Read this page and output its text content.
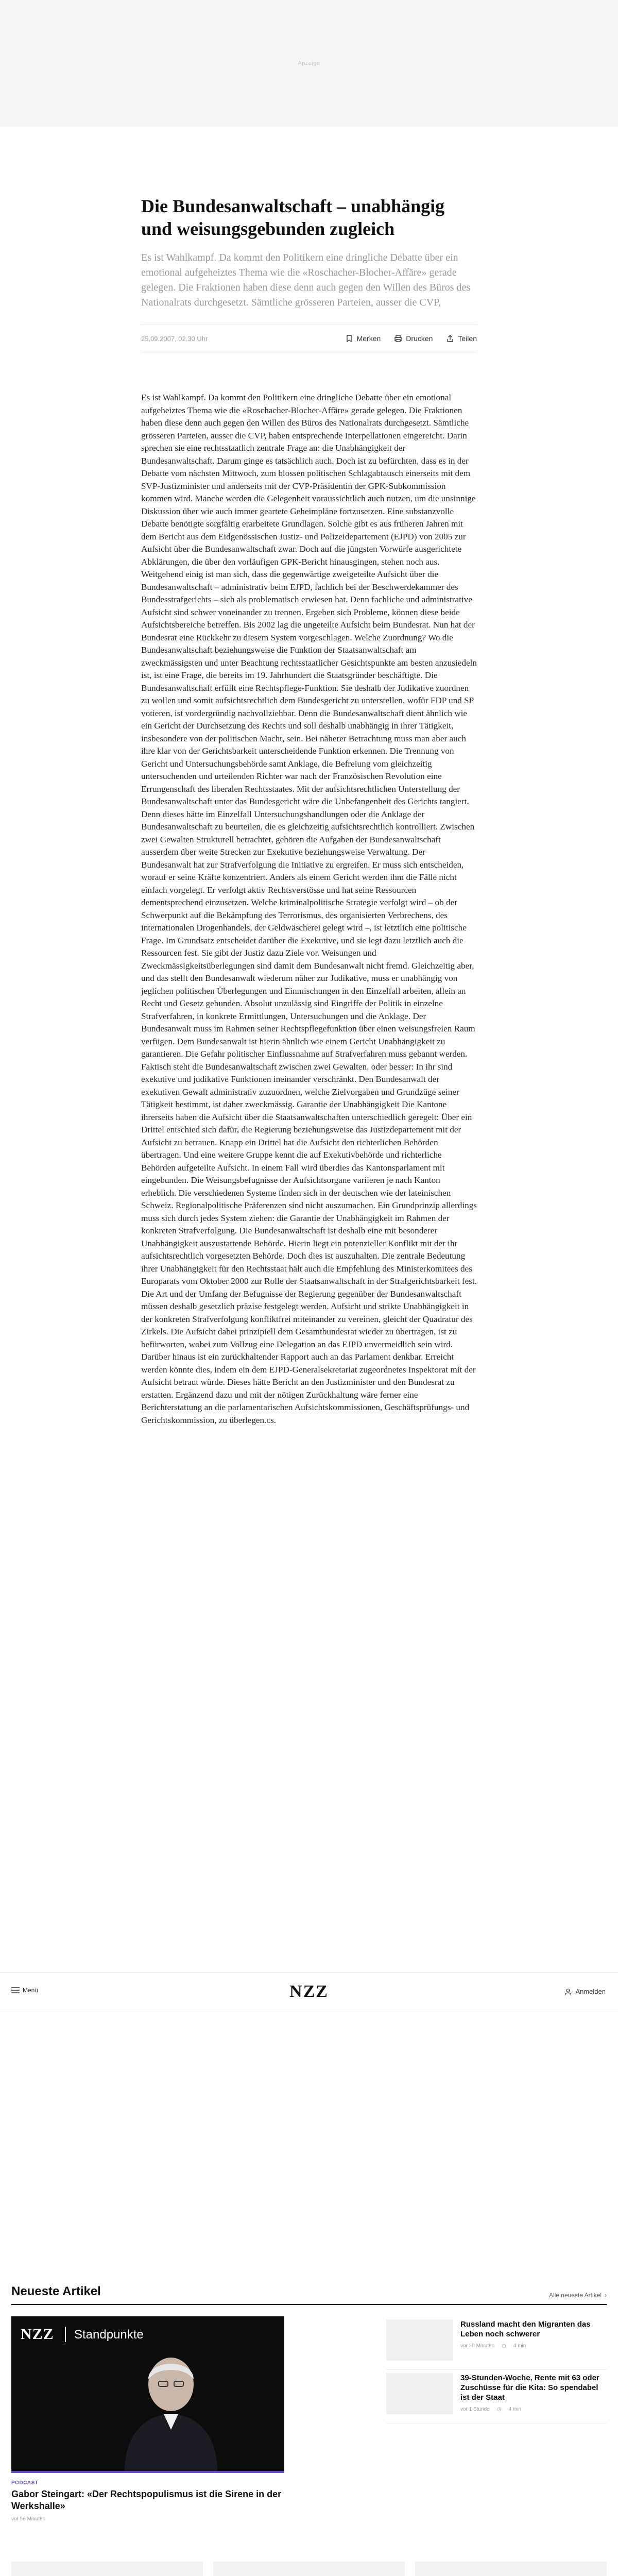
Anzeige
Die Bundesanwaltschaft – unabhängig und weisungsgebunden zugleich

Es ist Wahlkampf. Da kommt den Politikern eine dringliche Debatte über ein emotional aufgeheiztes Thema wie die «Roschacher-Blocher-Affäre» gerade gelegen. Die Fraktionen haben diese denn auch gegen den Willen des Büros des Nationalrats durchgesetzt. Sämtliche grösseren Parteien, ausser die CVP,

25.09.2007, 02.30 Uhr	Merken	Drucken	Teilen

Es ist Wahlkampf. Da kommt den Politikern eine dringliche Debatte über ein emotional aufgeheiztes Thema wie die «Roschacher-Blocher-Affäre» gerade gelegen. Die Fraktionen haben diese denn auch gegen den Willen des Büros des Nationalrats durchgesetzt. Sämtliche grösseren Parteien, ausser die CVP, haben entsprechende Interpellationen eingereicht. Darin sprechen sie eine rechtsstaatlich zentrale Frage an: die Unabhängigkeit der Bundesanwaltschaft. Darum ginge es tatsächlich auch. Doch ist zu befürchten, dass es in der Debatte vom nächsten Mittwoch, zum blossen politischen Schlagabtausch einerseits mit dem SVP-Justizminister und anderseits mit der CVP-Präsidentin der GPK-Subkommission kommen wird. Manche werden die Gelegenheit voraussichtlich auch nutzen, um die unsinnige Diskussion über wie auch immer geartete Geheimpläne fortzusetzen. Eine substanzvolle Debatte benötigte sorgfältig erarbeitete Grundlagen. Solche gibt es aus früheren Jahren mit dem Bericht aus dem Eidgenössischen Justiz- und Polizeidepartement (EJPD) von 2005 zur Aufsicht über die Bundesanwaltschaft zwar. Doch auf die jüngsten Vorwürfe ausgerichtete Abklärungen, die über den vorläufigen GPK-Bericht hinausgingen, stehen noch aus. Weitgehend einig ist man sich, dass die gegenwärtige zweigeteilte Aufsicht über die Bundesanwaltschaft – administrativ beim EJPD, fachlich bei der Beschwerdekammer des Bundesstrafgerichts – sich als problematisch erwiesen hat. Denn fachliche und administrative Aufsicht sind schwer voneinander zu trennen. Ergeben sich Probleme, können diese beide Aufsichtsbereiche betreffen. Bis 2002 lag die ungeteilte Aufsicht beim Bundesrat. Nun hat der Bundesrat eine Rückkehr zu diesem System vorgeschlagen. Welche Zuordnung? Wo die Bundesanwaltschaft beziehungsweise die Funktion der Staatsanwaltschaft am zweckmässigsten und unter Beachtung rechtsstaatlicher Gesichtspunkte am besten anzusiedeln ist, ist eine Frage, die bereits im 19. Jahrhundert die Staatsgründer beschäftigte. Die Bundesanwaltschaft erfüllt eine Rechtspflege-Funktion. Sie deshalb der Judikative zuordnen zu wollen und somit aufsichtsrechtlich dem Bundesgericht zu unterstellen, wofür FDP und SP votieren, ist vordergründig nachvollziehbar. Denn die Bundesanwaltschaft dient ähnlich wie ein Gericht der Durchsetzung des Rechts und soll deshalb unabhängig in ihrer Tätigkeit, insbesondere von der politischen Macht, sein. Bei näherer Betrachtung muss man aber auch ihre klar von der Gerichtsbarkeit unterscheidende Funktion erkennen. Die Trennung von Gericht und Untersuchungsbehörde samt Anklage, die Befreiung vom gleichzeitig untersuchenden und urteilenden Richter war nach der Französischen Revolution eine Errungenschaft des liberalen Rechtsstaates. Mit der aufsichtsrechtlichen Unterstellung der Bundesanwaltschaft unter das Bundesgericht wäre die Unbefangenheit des Gerichts tangiert. Denn dieses hätte im Einzelfall Untersuchungshandlungen oder die Anklage der Bundesanwaltschaft zu beurteilen, die es gleichzeitig aufsichtsrechtlich kontrolliert. Zwischen zwei Gewalten Strukturell betrachtet, gehören die Aufgaben der Bundesanwaltschaft ausserdem über weite Strecken zur Exekutive beziehungsweise Verwaltung. Der Bundesanwalt hat zur Strafverfolgung die Initiative zu ergreifen. Er muss sich entscheiden, worauf er seine Kräfte konzentriert. Anders als einem Gericht werden ihm die Fälle nicht einfach vorgelegt. Er verfolgt aktiv Rechtsverstösse und hat seine Ressourcen dementsprechend einzusetzen. Welche kriminalpolitische Strategie verfolgt wird – ob der Schwerpunkt auf die Bekämpfung des Terrorismus, des organisierten Verbrechens, des internationalen Drogenhandels, der Geldwäscherei gelegt wird –, ist letztlich eine politische Frage. Im Grundsatz entscheidet darüber die Exekutive, und sie legt dazu letztlich auch die Ressourcen fest. Sie gibt der Justiz dazu Ziele vor. Weisungen und Zweckmässigkeitsüberlegungen sind damit dem Bundesanwalt nicht fremd. Gleichzeitig aber, und das stellt den Bundesanwalt wiederum näher zur Judikative, muss er unabhängig von jeglichen politischen Überlegungen und Einmischungen in den Einzelfall arbeiten, allein an Recht und Gesetz gebunden. Absolut unzulässig sind Eingriffe der Politik in einzelne Strafverfahren, in konkrete Ermittlungen, Untersuchungen und die Anklage. Der Bundesanwalt muss im Rahmen seiner Rechtspflegefunktion über einen weisungsfreien Raum verfügen. Dem Bundesanwalt ist hierin ähnlich wie einem Gericht Unabhängigkeit zu garantieren. Die Gefahr politischer Einflussnahme auf Strafverfahren muss gebannt werden. Faktisch steht die Bundesanwaltschaft zwischen zwei Gewalten, oder besser: In ihr sind exekutive und judikative Funktionen ineinander verschränkt. Den Bundesanwalt der exekutiven Gewalt administrativ zuzuordnen, welche Zielvorgaben und Grundzüge seiner Tätigkeit bestimmt, ist daher zweckmässig. Garantie der Unabhängigkeit Die Kantone ihrerseits haben die Aufsicht über die Staatsanwaltschaften unterschiedlich geregelt: Über ein Drittel entschied sich dafür, die Regierung beziehungsweise das Justizdepartement mit der Aufsicht zu betrauen. Knapp ein Drittel hat die Aufsicht den richterlichen Behörden übertragen. Und eine weitere Gruppe kennt die auf Exekutivbehörde und richterliche Behörden aufgeteilte Aufsicht. In einem Fall wird überdies das Kantonsparlament mit eingebunden. Die Weisungsbefugnisse der Aufsichtsorgane variieren je nach Kanton erheblich. Die verschiedenen Systeme finden sich in der deutschen wie der lateinischen Schweiz. Regionalpolitische Präferenzen sind nicht auszumachen. Ein Grundprinzip allerdings muss sich durch jedes System ziehen: die Garantie der Unabhängigkeit im Rahmen der konkreten Strafverfolgung. Die Bundesanwaltschaft ist deshalb eine mit besonderer Unabhängigkeit auszustattende Behörde. Hierin liegt ein potenzieller Konflikt mit der ihr aufsichtsrechtlich vorgesetzten Behörde. Doch dies ist auszuhalten. Die zentrale Bedeutung ihrer Unabhängigkeit für den Rechtsstaat hält auch die Empfehlung des Ministerkomitees des Europarats vom Oktober 2000 zur Rolle der Staatsanwaltschaft in der Strafgerichtsbarkeit fest. Die Art und der Umfang der Befugnisse der Regierung gegenüber der Bundesanwaltschaft müssen deshalb gesetzlich präzise festgelegt werden. Aufsicht und strikte Unabhängigkeit in der konkreten Strafverfolgung konfliktfrei miteinander zu vereinen, gleicht der Quadratur des Zirkels. Die Aufsicht dabei prinzipiell dem Gesamtbundesrat wieder zu übertragen, ist zu befürworten, wobei zum Vollzug eine Delegation an das EJPD unvermeidlich sein wird. Darüber hinaus ist ein zurückhaltender Rapport auch an das Parlament denkbar. Erreicht werden könnte dies, indem ein dem EJPD-Generalsekretariat zugeordnetes Inspektorat mit der Aufsicht betraut würde. Dieses hätte Bericht an den Justizminister und den Bundesrat zu erstatten. Ergänzend dazu und mit der nötigen Zurückhaltung wäre ferner eine Berichterstattung an die parlamentarischen Aufsichtskommissionen, Geschäftsprüfungs- und Gerichtskommission, zu überlegen.cs.

Menü	NZZ	Anmelden
Neueste Artikel	Alle neueste Artikel ›
NZZ Standpunkte
PODCAST
Gabor Steingart: «Der Rechtspopulismus ist die Sirene in der Werkshalle»
vor 56 Minuten
Russland macht den Migranten das Leben noch schwerer
vor 30 Minuten ◷ 4 min
39-Stunden-Woche, Rente mit 63 oder Zuschüsse für die Kita: So spendabel ist der Staat
vor 1 Stunde ◷ 4 min
